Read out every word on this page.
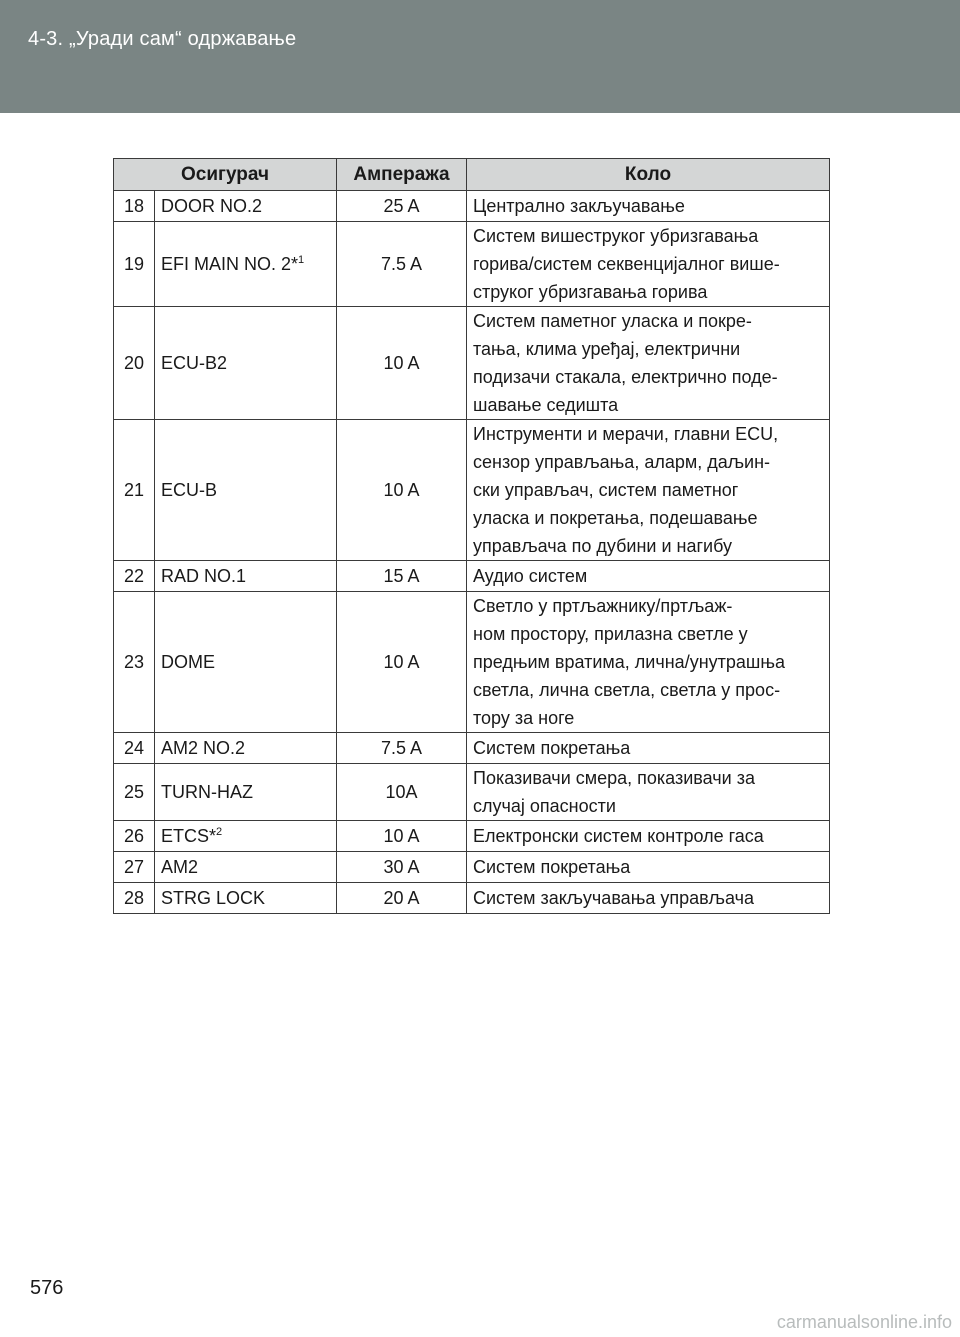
4-3. „Уради сам“ одржавање
Осигурач		Ампеража	Коло
18	DOOR NO.2	25 A	Централно закључавање

19	EFI MAIN NO. 2*$^1$	7.5 A	Систем вишеструког убризгавања
горива/систем секвенцијалног више-
струког убризгавања горива

20	ECU-B2	10 A	Систем паметног уласка и покре-
тања, клима уређај, електрични
подизачи стакала, електрично поде-
шавање седишта

21	ECU-B	10 A	Инструменти и мерачи, главни ECU,
сензор управљања, аларм, даљин-
ски управљач, систем паметног
уласка и покретања, подешавање
управљача по дубини и нагибу

22	RAD NO.1	15 A	Аудио систем

23	DOME	10 A	Светло у пртљажнику/пртљаж-
ном простору, прилазна светле у
предњим вратима, лична/унутрашња
светла, лична светла, светла у прос-
тору за ноге

24	AM2 NO.2	7.5 A	Систем покретања

25	TURN-HAZ	10A	Показивачи смера, показивачи за
случај опасности

26	ETCS*$^2$	10 A	Електронски систем контроле гаса

27	AM2	30 A	Систем покретања

28	STRG LOCK	20 A	Систем закључавања управљача
576
carmanualsonline.info
